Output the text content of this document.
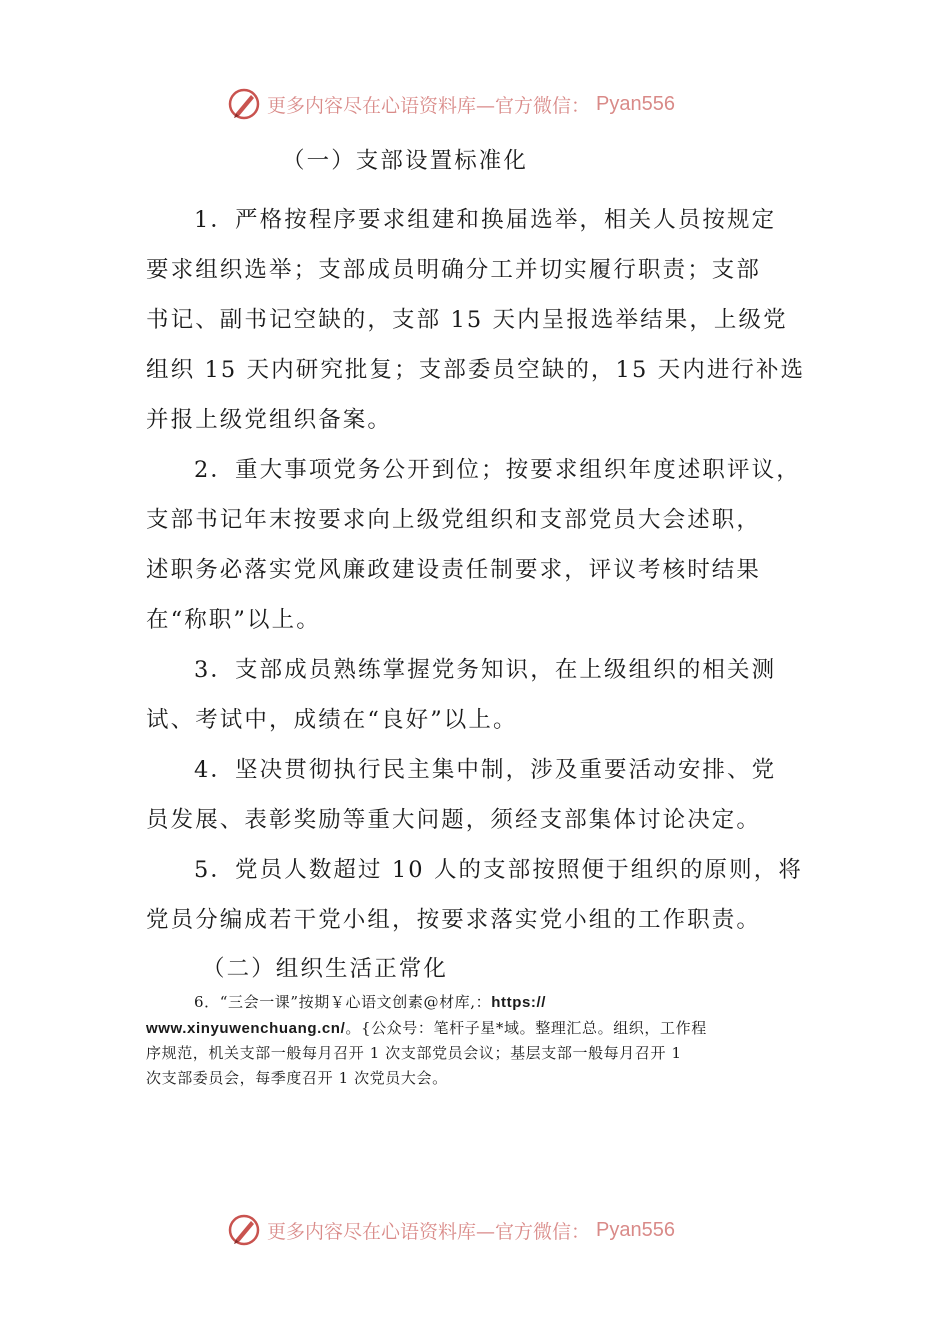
更多内容尽在心语资料库—官方微信： Pyan556
（一）支部设置标准化
1．严格按程序要求组建和换届选举，相关人员按规定
要求组织选举；支部成员明确分工并切实履行职责；支部
书记、副书记空缺的，支部 15 天内呈报选举结果，上级党
组织 15 天内研究批复；支部委员空缺的，15 天内进行补选
并报上级党组织备案。
2．重大事项党务公开到位；按要求组织年度述职评议，
支部书记年末按要求向上级党组织和支部党员大会述职，
述职务必落实党风廉政建设责任制要求，评议考核时结果
在“称职”以上。
3．支部成员熟练掌握党务知识，在上级组织的相关测
试、考试中，成绩在“良好”以上。
4．坚决贯彻执行民主集中制，涉及重要活动安排、党
员发展、表彰奖励等重大问题，须经支部集体讨论决定。
5．党员人数超过 10 人的支部按照便于组织的原则，将
党员分编成若干党小组，按要求落实党小组的工作职责。
（二）组织生活正常化
6．“三会一课”按期￥心语文创素@材库,：https://
www.xinyuwenchuang.cn/。{公众号：笔杆子星*域。整理汇总。组织，工作程
序规范，机关支部一般每月召开 1 次支部党员会议；基层支部一般每月召开 1
次支部委员会，每季度召开 1 次党员大会。
更多内容尽在心语资料库—官方微信： Pyan556
